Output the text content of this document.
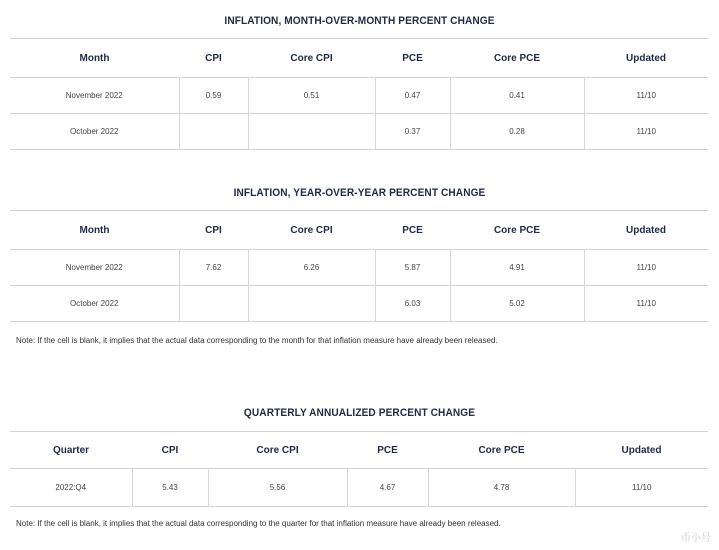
INFLATION, MONTH-OVER-MONTH PERCENT CHANGE
Month	CPI	Core CPI	PCE	Core PCE	Updated
November 2022	0.59	0.51	0.47	0.41	11/10
October 2022			0.37	0.28	11/10
INFLATION, YEAR-OVER-YEAR PERCENT CHANGE
Month	CPI	Core CPI	PCE	Core PCE	Updated
November 2022	7.62	6.26	5.87	4.91	11/10
October 2022			6.03	5.02	11/10
Note: If the cell is blank, it implies that the actual data corresponding to the month for that inflation measure have already been released.
QUARTERLY ANNUALIZED PERCENT CHANGE
Quarter	CPI	Core CPI	PCE	Core PCE	Updated
2022:Q4	5.43	5.56	4.67	4.78	11/10
Note: If the cell is blank, it implies that the actual data corresponding to the quarter for that inflation measure have already been released.
币小号
